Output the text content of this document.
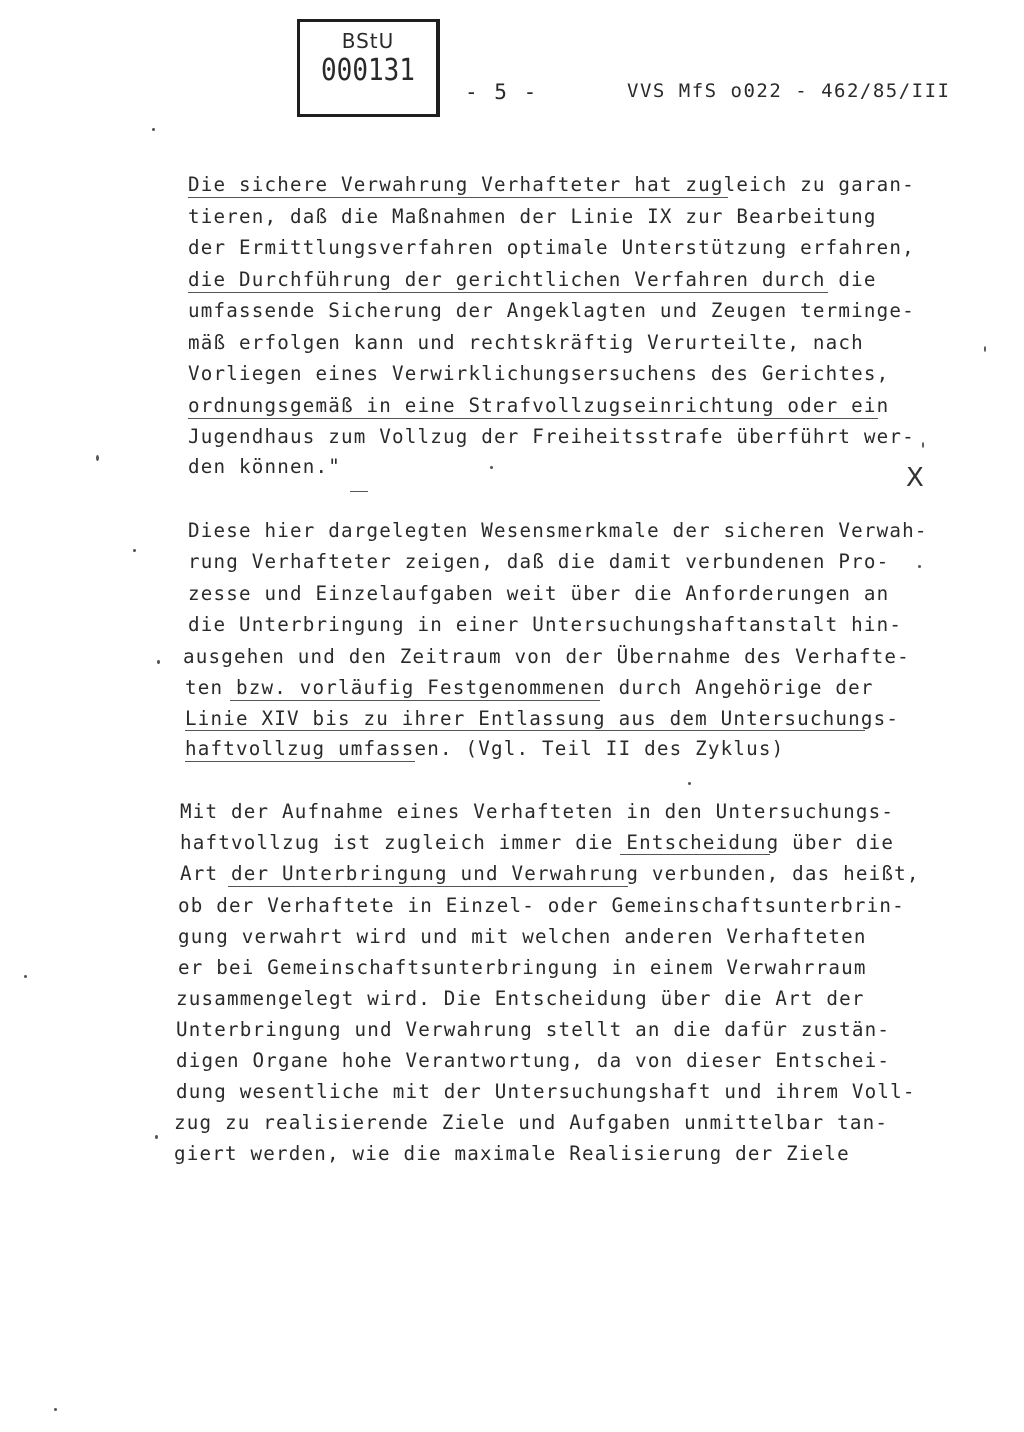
BStU
000131
- 5 -	VVS MfS o022 - 462/85/III
Die sichere Verwahrung Verhafteter hat zugleich zu garan-
tieren, daß die Maßnahmen der Linie IX zur Bearbeitung
der Ermittlungsverfahren optimale Unterstützung erfahren,
die Durchführung der gerichtlichen Verfahren durch die
umfassende Sicherung der Angeklagten und Zeugen terminge-
mäß erfolgen kann und rechtskräftig Verurteilte, nach
Vorliegen eines Verwirklichungsersuchens des Gerichtes,
ordnungsgemäß in eine Strafvollzugseinrichtung oder ein
Jugendhaus zum Vollzug der Freiheitsstrafe überführt wer-
den können."
Diese hier dargelegten Wesensmerkmale der sicheren Verwah-
rung Verhafteter zeigen, daß die damit verbundenen Pro-
zesse und Einzelaufgaben weit über die Anforderungen an
die Unterbringung in einer Untersuchungshaftanstalt hin-
ausgehen und den Zeitraum von der Übernahme des Verhafte-
ten bzw. vorläufig Festgenommenen durch Angehörige der
Linie XIV bis zu ihrer Entlassung aus dem Untersuchungs-
haftvollzug umfassen. (Vgl. Teil II des Zyklus)
Mit der Aufnahme eines Verhafteten in den Untersuchungs-
haftvollzug ist zugleich immer die Entscheidung über die
Art der Unterbringung und Verwahrung verbunden, das heißt,
ob der Verhaftete in Einzel- oder Gemeinschaftsunterbrin-
gung verwahrt wird und mit welchen anderen Verhafteten
er bei Gemeinschaftsunterbringung in einem Verwahrraum
zusammengelegt wird. Die Entscheidung über die Art der
Unterbringung und Verwahrung stellt an die dafür zustän-
digen Organe hohe Verantwortung, da von dieser Entschei-
dung wesentliche mit der Untersuchungshaft und ihrem Voll-
zug zu realisierende Ziele und Aufgaben unmittelbar tan-
giert werden, wie die maximale Realisierung der Ziele
X
